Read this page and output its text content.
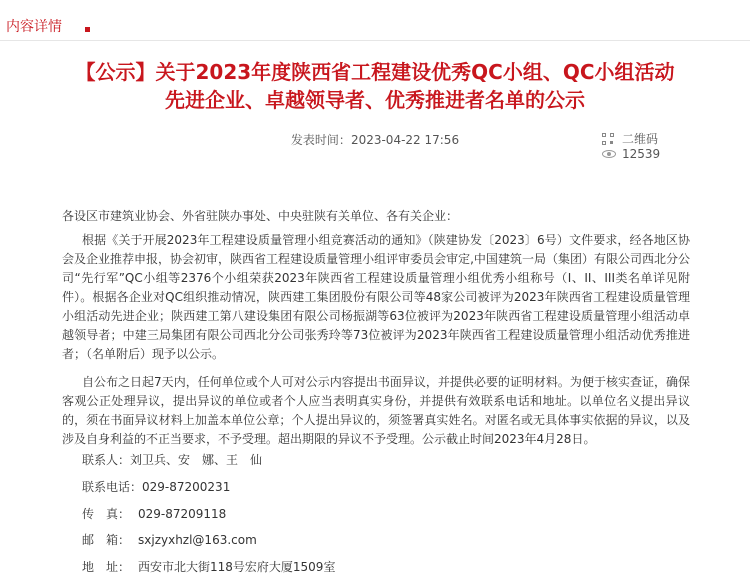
内容详情
【公示】关于2023年度陕西省工程建设优秀QC小组、QC小组活动
先进企业、卓越领导者、优秀推进者名单的公示
发表时间：2023-04-22 17:56	二维码
12539

各设区市建筑业协会、外省驻陕办事处、中央驻陕有关单位、各有关企业：

根据《关于开展2023年工程建设质量管理小组竞赛活动的通知》（陕建协发〔2023〕6号）文件要求，经各地区协会及企业推荐申报，协会初审，陕西省工程建设质量管理小组评审委员会审定,中国建筑一局（集团）有限公司西北分公司“先行军”QC小组等2376个小组荣获2023年陕西省工程建设质量管理小组优秀小组称号（I、II、III类名单详见附件）。根据各企业对QC组织推动情况，陕西建工集团股份有限公司等48家公司被评为2023年陕西省工程建设质量管理小组活动先进企业；陕西建工第八建设集团有限公司杨振湖等63位被评为2023年陕西省工程建设质量管理小组活动卓越领导者；中建三局集团有限公司西北分公司张秀玲等73位被评为2023年陕西省工程建设质量管理小组活动优秀推进者；（名单附后）现予以公示。

自公布之日起7天内，任何单位或个人可对公示内容提出书面异议，并提供必要的证明材料。为便于核实查证，确保客观公正处理异议，提出异议的单位或者个人应当表明真实身份，并提供有效联系电话和地址。以单位名义提出异议的，须在书面异议材料上加盖本单位公章；个人提出异议的，须签署真实姓名。对匿名或无具体事实依据的异议，以及涉及自身利益的不正当要求，不予受理。超出期限的异议不予受理。公示截止时间2023年4月28日。

联系人：刘卫兵、安　娜、王　仙
联系电话：029-87200231
传　真： 029-87209118
邮　箱： sxjzyxhzl@163.com
地　址： 西安市北大街118号宏府大厦1509室
